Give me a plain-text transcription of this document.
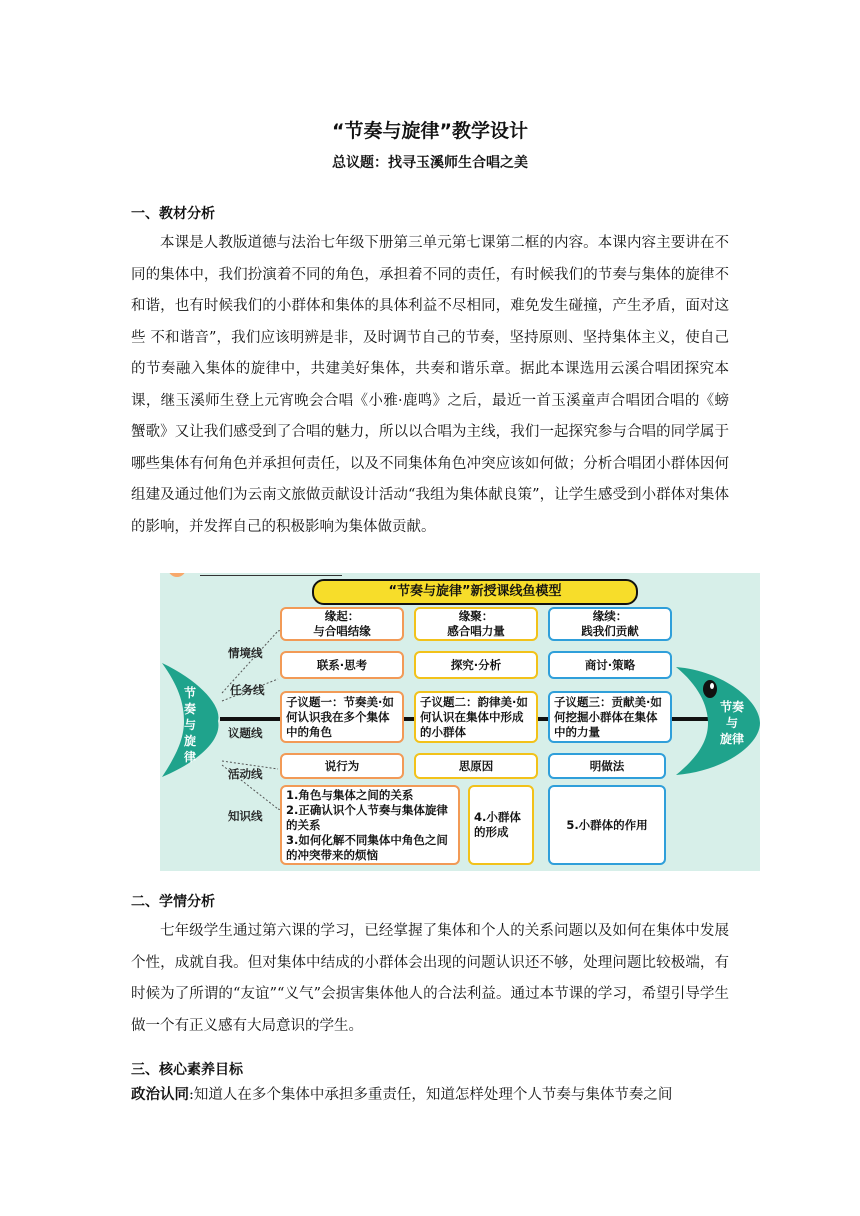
“节奏与旋律”教学设计
总议题：找寻玉溪师生合唱之美
一、教材分析

本课是人教版道德与法治七年级下册第三单元第七课第二框的内容。本课内容主要讲在不同的集体中，我们扮演着不同的角色，承担着不同的责任，有时候我们的节奏与集体的旋律不和谐，也有时候我们的小群体和集体的具体利益不尽相同，难免发生碰撞，产生矛盾，面对这些 不和谐音”，我们应该明辨是非，及时调节自己的节奏，坚持原则、坚持集体主义，使自己的节奏融入集体的旋律中，共建美好集体，共奏和谐乐章。据此本课选用云溪合唱团探究本课，继玉溪师生登上元宵晚会合唱《小雅·鹿鸣》之后，最近一首玉溪童声合唱团合唱的《螃蟹歌》又让我们感受到了合唱的魅力，所以以合唱为主线，我们一起探究参与合唱的同学属于哪些集体有何角色并承担何责任，以及不同集体角色冲突应该如何做；分析合唱团小群体因何组建及通过他们为云南文旅做贡献设计活动“我组为集体献良策”，让学生感受到小群体对集体的影响，并发挥自己的积极影响为集体做贡献。

“节奏与旋律”新授课线鱼模型
节
奏
与
旋
律
节奏
与
旋律
情境线
任务线
议题线
活动线
知识线
缘起：
与合唱结缘
缘聚：
感合唱力量
缘续：
践我们贡献
联系·思考	探究·分析	商讨·策略
子议题一：节奏美·如何认识我在多个集体中的角色
子议题二：韵律美·如何认识在集体中形成的小群体
子议题三：贡献美·如何挖掘小群体在集体中的力量
说行为	思原因	明做法
1.角色与集体之间的关系
2.正确认识个人节奏与集体旋律的关系
3.如何化解不同集体中角色之间的冲突带来的烦恼
4.小群体的形成
5.小群体的作用
二、学情分析

七年级学生通过第六课的学习，已经掌握了集体和个人的关系问题以及如何在集体中发展个性，成就自我。但对集体中结成的小群体会出现的问题认识还不够，处理问题比较极端，有时候为了所谓的“友谊”“义气”会损害集体他人的合法利益。通过本节课的学习，希望引导学生做一个有正义感有大局意识的学生。

三、核心素养目标

政治认同:知道人在多个集体中承担多重责任，知道怎样处理个人节奏与集体节奏之间
